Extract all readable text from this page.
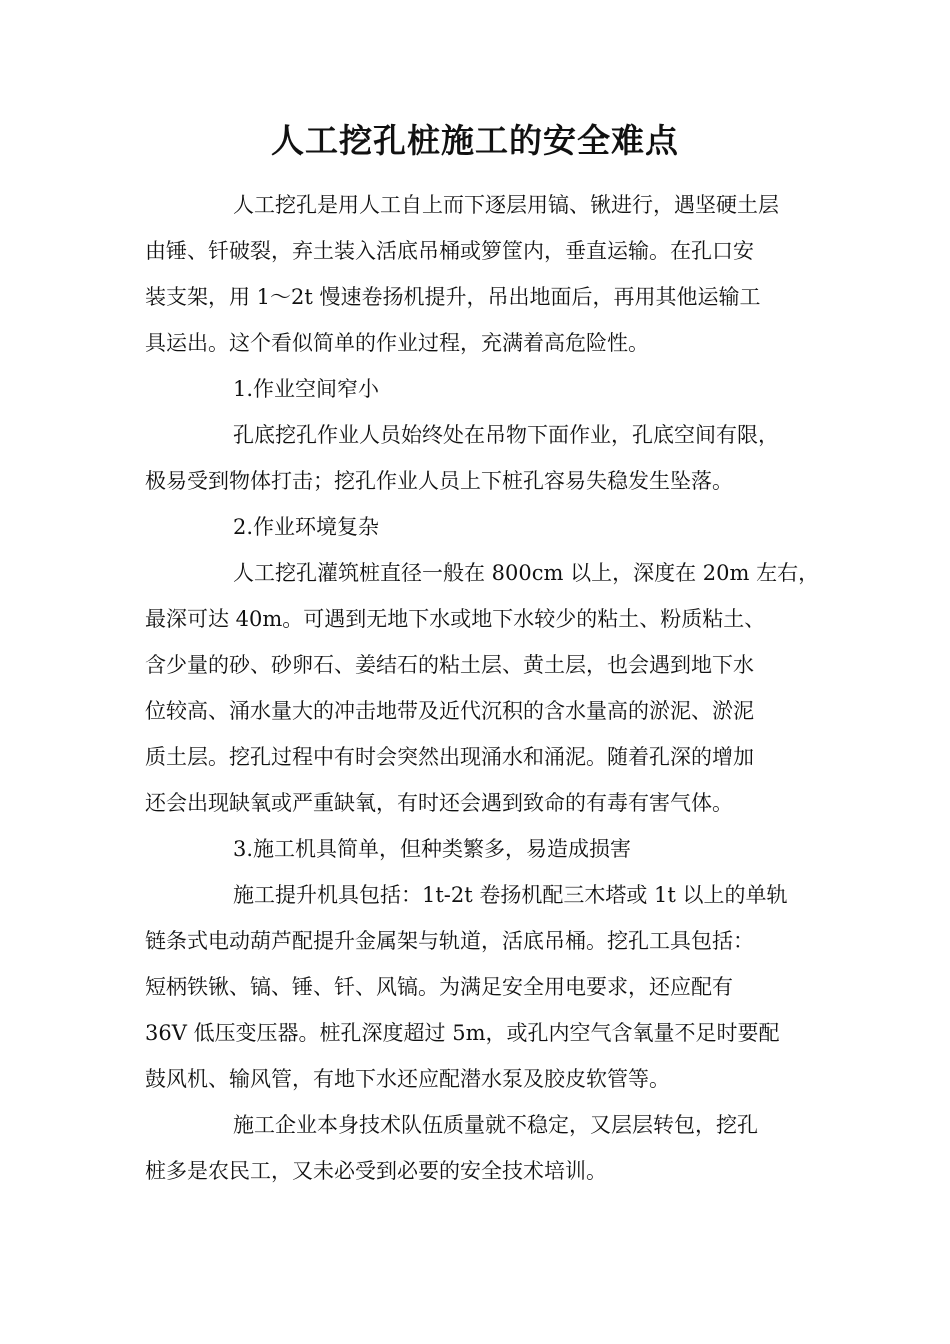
人工挖孔桩施工的安全难点
人工挖孔是用人工自上而下逐层用镐、锹进行，遇坚硬土层
由锤、钎破裂，弃土装入活底吊桶或箩筐内，垂直运输。在孔口安
装支架，用 1～2t 慢速卷扬机提升，吊出地面后，再用其他运输工
具运出。这个看似简单的作业过程，充满着高危险性。
1.作业空间窄小
孔底挖孔作业人员始终处在吊物下面作业，孔底空间有限，
极易受到物体打击；挖孔作业人员上下桩孔容易失稳发生坠落。
2.作业环境复杂
人工挖孔灌筑桩直径一般在 800cm 以上，深度在 20m 左右，
最深可达 40m。可遇到无地下水或地下水较少的粘土、粉质粘土、
含少量的砂、砂卵石、姜结石的粘土层、黄土层，也会遇到地下水
位较高、涌水量大的冲击地带及近代沉积的含水量高的淤泥、淤泥
质土层。挖孔过程中有时会突然出现涌水和涌泥。随着孔深的增加
还会出现缺氧或严重缺氧，有时还会遇到致命的有毒有害气体。
3.施工机具简单，但种类繁多，易造成损害
施工提升机具包括：1t-2t 卷扬机配三木塔或 1t 以上的单轨
链条式电动葫芦配提升金属架与轨道，活底吊桶。挖孔工具包括：
短柄铁锹、镐、锤、钎、风镐。为满足安全用电要求，还应配有
36V 低压变压器。桩孔深度超过 5m，或孔内空气含氧量不足时要配
鼓风机、输风管，有地下水还应配潜水泵及胶皮软管等。
施工企业本身技术队伍质量就不稳定，又层层转包，挖孔
桩多是农民工，又未必受到必要的安全技术培训。
